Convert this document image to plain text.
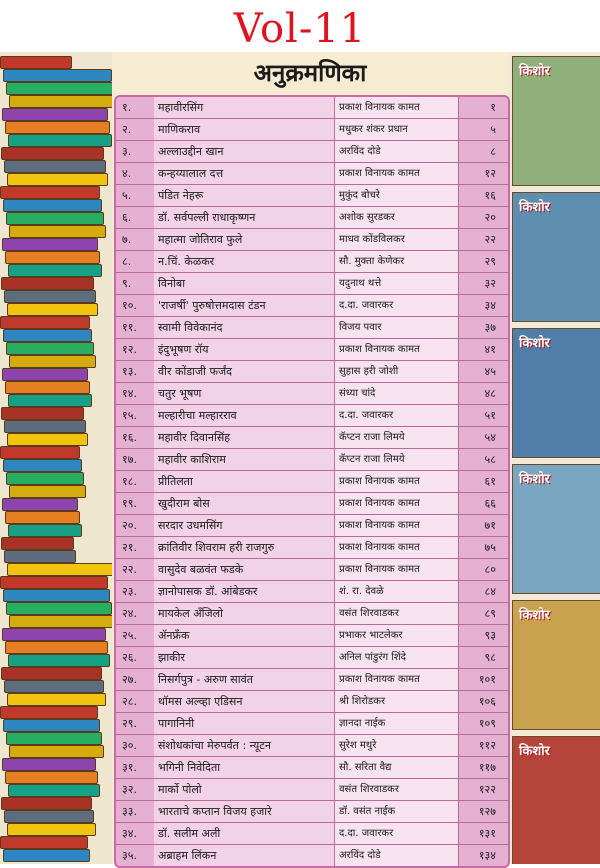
Vol-11
किशोर
किशोर
किशोर
किशोर
किशोर
किशोर
अनुक्रमणिका
१.	महावीरसिंग	प्रकाश विनायक कामत	१
२.	माणिकराव	मधुकर शंकर प्रधान	५
३.	अल्लाउद्दीन खान	अरविंद दोडे	८
४.	कन्हय्यालाल दत्त	प्रकाश विनायक कामत	१२
५.	पंडित नेहरू	मुकुंद बोचरे	१६
६.	डॉ. सर्वपल्ली राधाकृष्णन	अशोक सुरडकर	२०
७.	महात्मा जोतिराव फुले	माधव कोंडविलकर	२२
८.	न.चिं. केळकर	सौ. मुक्ता केणेकर	२९
९.	विनोबा	यदुनाथ थत्ते	३२
१०.	'राजर्षी' पुरुषोत्तमदास टंडन	द.दा. जवारकर	३४
११.	स्वामी विवेकानंद	विजय पवार	३७
१२.	इंदुभूषण रॉय	प्रकाश विनायक कामत	४१
१३.	वीर कोंडाजी फर्जंद	सुहास हरी जोशी	४५
१४.	चतुर भूषण	संध्या चांदे	४८
१५.	मल्हारीचा मल्हारराव	द.दा. जवारकर	५१
१६.	महावीर दिवानसिंह	कॅप्टन राजा लिमये	५४
१७.	महावीर काशिराम	कॅप्टन राजा लिमये	५८
१८.	प्रीतिलता	प्रकाश विनायक कामत	६१
१९.	खुदीराम बोस	प्रकाश विनायक कामत	६६
२०.	सरदार उधमसिंग	प्रकाश विनायक कामत	७१
२१.	क्रांतिवीर शिवराम हरी राजगुरु	प्रकाश विनायक कामत	७५
२२.	वासुदेव बळवंत फडके	प्रकाश विनायक कामत	८०
२३.	ज्ञानोपासक डॉ. आंबेडकर	शं. रा. देवळे	८४
२४.	मायकेल अँजिलो	वसंत शिरवाडकर	८९
२५.	ॲनफ्रँक	प्रभाकर भाटलेकर	९३
२६.	झाकीर	अनिल पांडुरंग शिंदे	९८
२७.	निसर्गपुत्र - अरुण सावंत	प्रकाश विनायक कामत	१०१
२८.	थॉमस अल्व्हा एडिसन	श्री शिरोडकर	१०६
२९.	पागानिनी	ज्ञानदा नाईक	१०९
३०.	संशोधकांचा मेरुपर्वत : न्यूटन	सुरेश मथुरे	११२
३१.	भगिनी निवेदिता	सौ. सरिता वैद्य	११७
३२.	मार्को पोलो	वसंत शिरवाडकर	१२२
३३.	भारताचे कप्तान विजय हजारे	डॉ. वसंत नाईक	१२७
३४.	डॉ. सलीम अली	द.दा. जवारकर	१३१
३५.	अब्राहम लिंकन	अरविंद दोडे	१३४
